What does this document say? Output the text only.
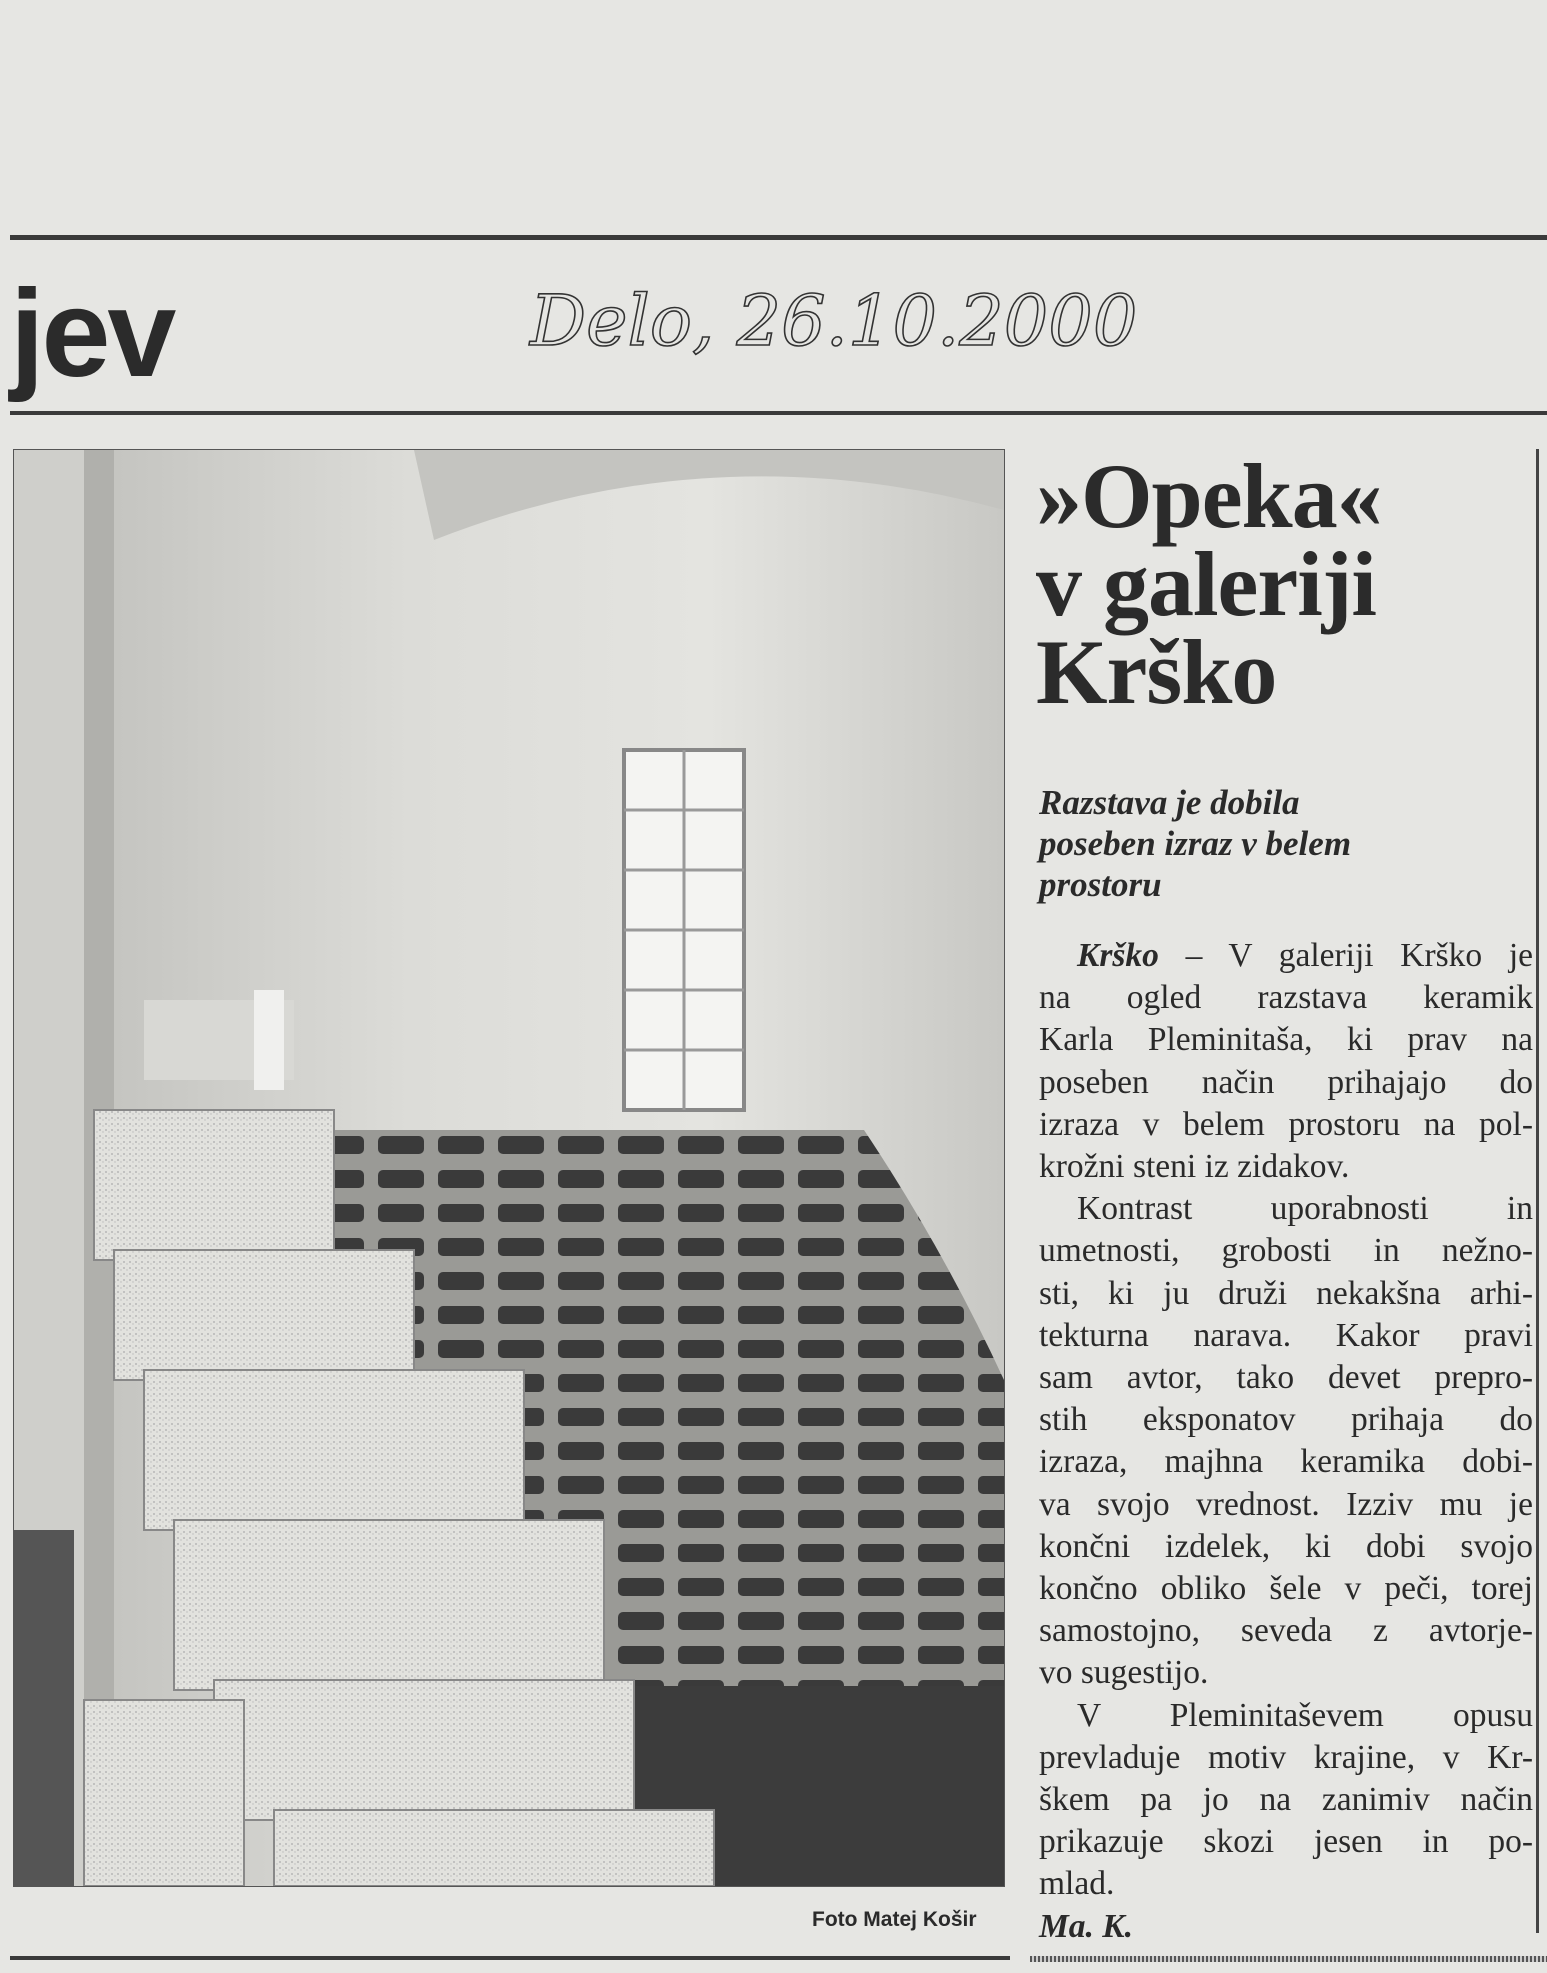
jev	Delo, 26.10.2000
Foto Matej Košir
»Opeka«
v galeriji
Krško
Razstava je dobila
poseben izraz v belem
prostoru
Krško – V galeriji Krško je
na ogled razstava keramik
Karla Pleminitaša, ki prav na
poseben način prihajajo do
izraza v belem prostoru na pol-
krožni steni iz zidakov.
Kontrast uporabnosti in
umetnosti, grobosti in nežno-
sti, ki ju druži nekakšna arhi-
tekturna narava. Kakor pravi
sam avtor, tako devet prepro-
stih eksponatov prihaja do
izraza, majhna keramika dobi-
va svojo vrednost. Izziv mu je
končni izdelek, ki dobi svojo
končno obliko šele v peči, torej
samostojno, seveda z avtorje-
vo sugestijo.
V Pleminitaševem opusu
prevladuje motiv krajine, v Kr-
škem pa jo na zanimiv način
prikazuje skozi jesen in po-
mlad.
Ma. K.
